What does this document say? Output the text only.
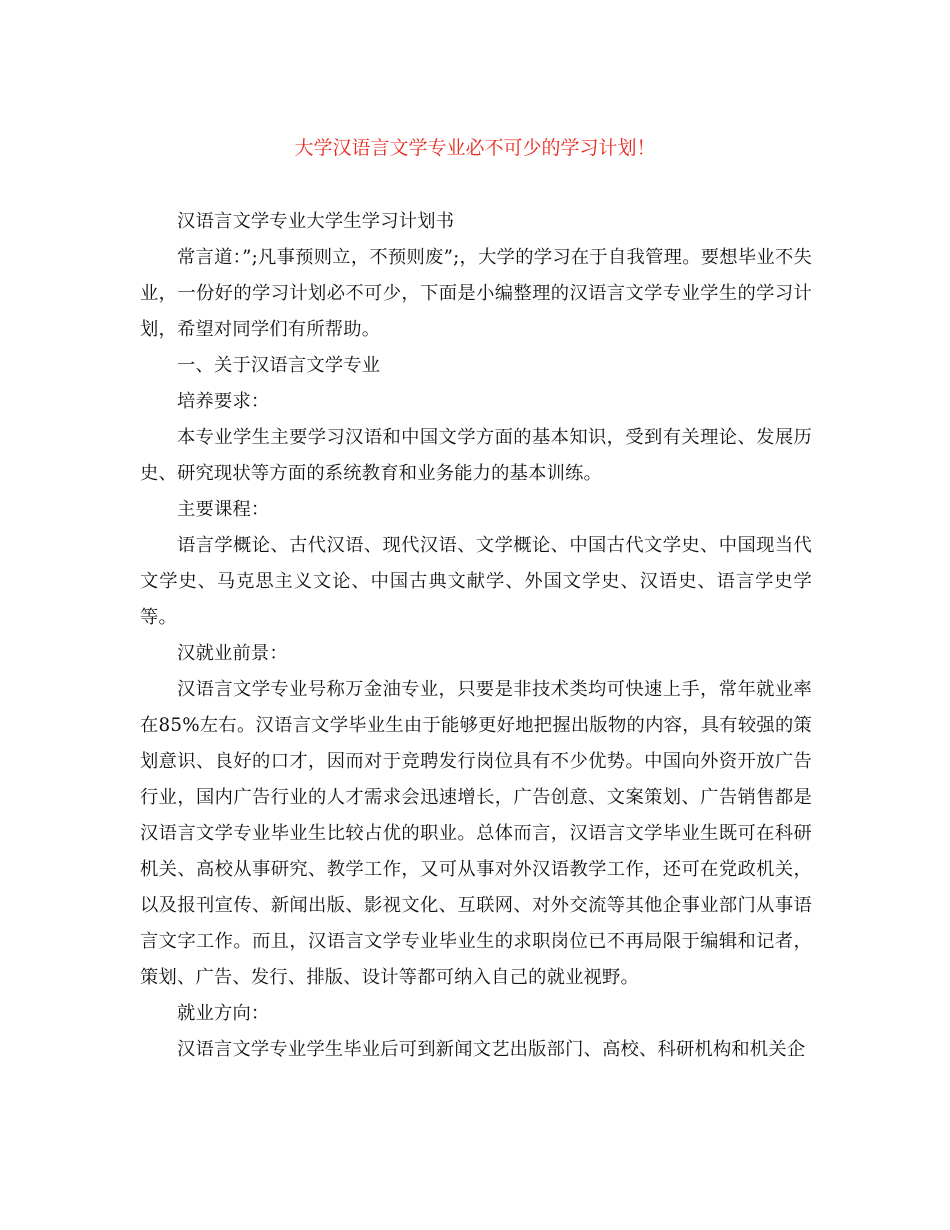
大学汉语言文学专业必不可少的学习计划！

汉语言文学专业大学生学习计划书

常言道：”;凡事预则立，不预则废”;，大学的学习在于自我管理。要想毕业不失业，一份好的学习计划必不可少，下面是小编整理的汉语言文学专业学生的学习计划，希望对同学们有所帮助。

一、关于汉语言文学专业

培养要求：

本专业学生主要学习汉语和中国文学方面的基本知识，受到有关理论、发展历史、研究现状等方面的系统教育和业务能力的基本训练。

主要课程：

语言学概论、古代汉语、现代汉语、文学概论、中国古代文学史、中国现当代文学史、马克思主义文论、中国古典文献学、外国文学史、汉语史、语言学史学等。

汉就业前景：

汉语言文学专业号称万金油专业，只要是非技术类均可快速上手，常年就业率在85%左右。汉语言文学毕业生由于能够更好地把握出版物的内容，具有较强的策划意识、良好的口才，因而对于竞聘发行岗位具有不少优势。中国向外资开放广告行业，国内广告行业的人才需求会迅速增长，广告创意、文案策划、广告销售都是汉语言文学专业毕业生比较占优的职业。总体而言，汉语言文学毕业生既可在科研机关、高校从事研究、教学工作，又可从事对外汉语教学工作，还可在党政机关，以及报刊宣传、新闻出版、影视文化、互联网、对外交流等其他企事业部门从事语言文字工作。而且，汉语言文学专业毕业生的求职岗位已不再局限于编辑和记者，策划、广告、发行、排版、设计等都可纳入自己的就业视野。

就业方向：

汉语言文学专业学生毕业后可到新闻文艺出版部门、高校、科研机构和机关企
